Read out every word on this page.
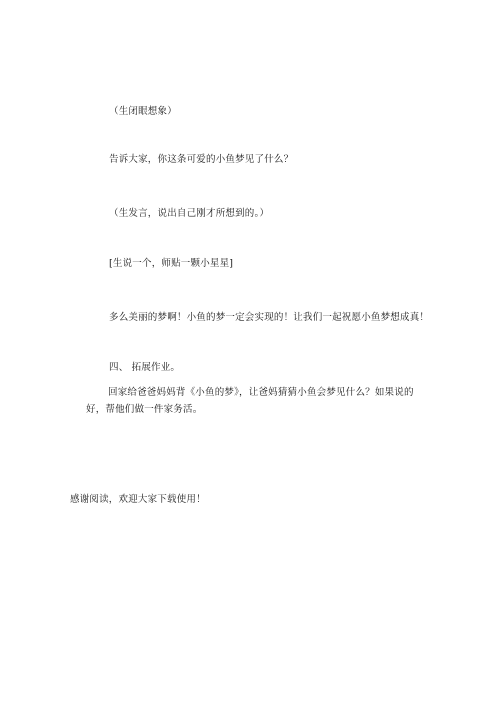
（生闭眼想象）
告诉大家，你这条可爱的小鱼梦见了什么？
（生发言，说出自己刚才所想到的。）
[生说一个，师贴一颗小星星]
多么美丽的梦啊！小鱼的梦一定会实现的！让我们一起祝愿小鱼梦想成真！
四、 拓展作业。
回家给爸爸妈妈背《小鱼的梦》，让爸妈猜猜小鱼会梦见什么？如果说的好，帮他们做一件家务活。
感谢阅读，欢迎大家下载使用！
